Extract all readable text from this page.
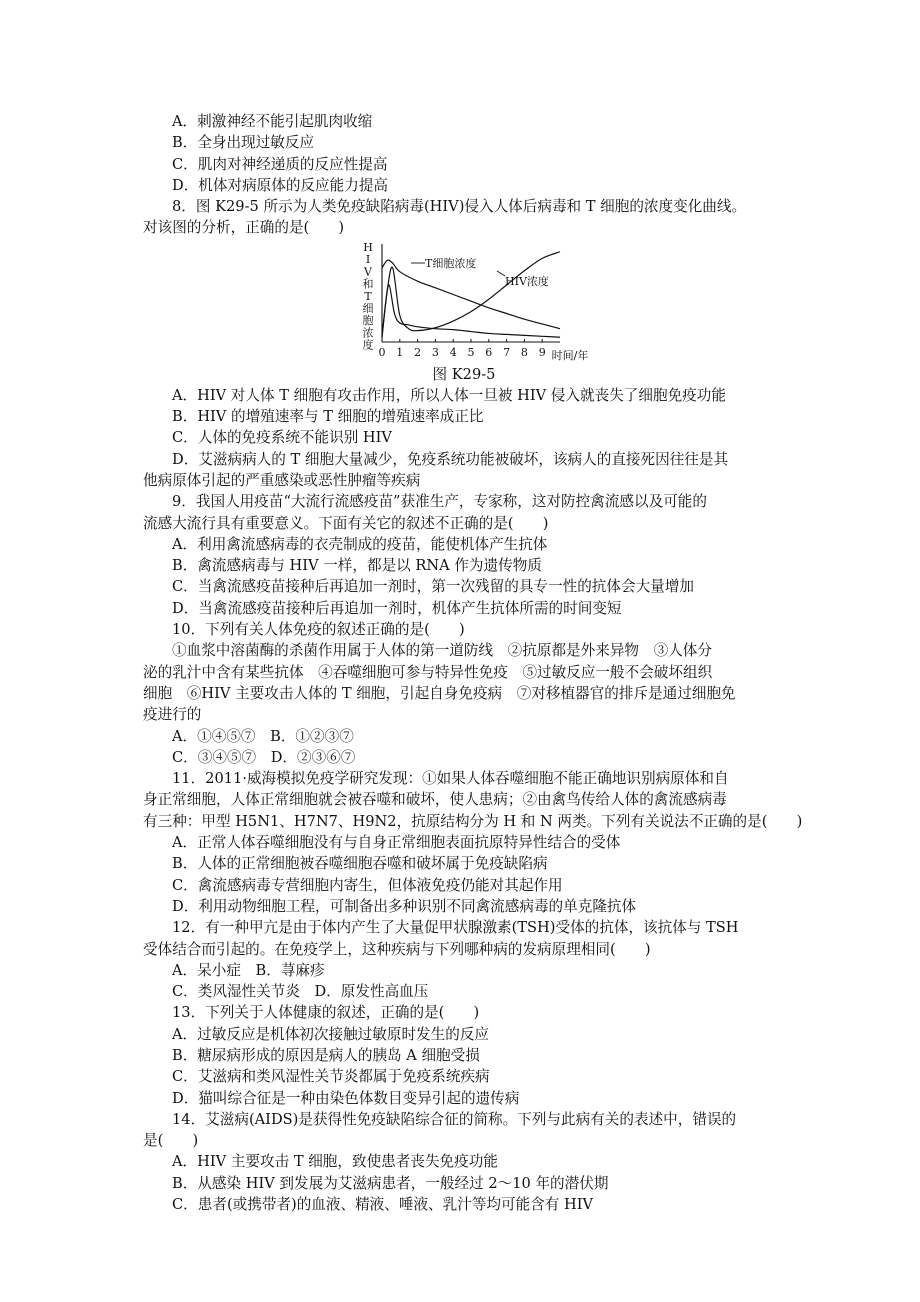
A．刺激神经不能引起肌肉收缩
B．全身出现过敏反应
C．肌肉对神经递质的反应性提高
D．机体对病原体的反应能力提高
8．图 K29-5 所示为人类免疫缺陷病毒(HIV)侵入人体后病毒和 T 细胞的浓度变化曲线。
对该图的分析，正确的是(　　)
H I V 和 T 细胞浓度
0 1 2 3 4 5 6 7 8 9
T细胞浓度
HIV浓度
时间/年
图 K29-5
A．HIV 对人体 T 细胞有攻击作用，所以人体一旦被 HIV 侵入就丧失了细胞免疫功能
B．HIV 的增殖速率与 T 细胞的增殖速率成正比
C．人体的免疫系统不能识别 HIV
D．艾滋病病人的 T 细胞大量减少，免疫系统功能被破坏，该病人的直接死因往往是其
他病原体引起的严重感染或恶性肿瘤等疾病
9．我国人用疫苗“大流行流感疫苗”获准生产，专家称，这对防控禽流感以及可能的
流感大流行具有重要意义。下面有关它的叙述不正确的是(　　)
A．利用禽流感病毒的衣壳制成的疫苗，能使机体产生抗体
B．禽流感病毒与 HIV 一样，都是以 RNA 作为遗传物质
C．当禽流感疫苗接种后再追加一剂时，第一次残留的具专一性的抗体会大量增加
D．当禽流感疫苗接种后再追加一剂时，机体产生抗体所需的时间变短
10．下列有关人体免疫的叙述正确的是(　　)
①血浆中溶菌酶的杀菌作用属于人体的第一道防线　②抗原都是外来异物　③人体分
泌的乳汁中含有某些抗体　④吞噬细胞可参与特异性免疫　⑤过敏反应一般不会破坏组织
细胞　⑥HIV 主要攻击人体的 T 细胞，引起自身免疫病　⑦对移植器官的排斥是通过细胞免
疫进行的
A．①④⑤⑦　B．①②③⑦
C．③④⑤⑦　D．②③⑥⑦
11．2011·威海模拟免疫学研究发现：①如果人体吞噬细胞不能正确地识别病原体和自
身正常细胞，人体正常细胞就会被吞噬和破坏，使人患病；②由禽鸟传给人体的禽流感病毒
有三种：甲型 H5N1、H7N7、H9N2，抗原结构分为 H 和 N 两类。下列有关说法不正确的是(　　)
A．正常人体吞噬细胞没有与自身正常细胞表面抗原特异性结合的受体
B．人体的正常细胞被吞噬细胞吞噬和破坏属于免疫缺陷病
C．禽流感病毒专营细胞内寄生，但体液免疫仍能对其起作用
D．利用动物细胞工程，可制备出多种识别不同禽流感病毒的单克隆抗体
12．有一种甲亢是由于体内产生了大量促甲状腺激素(TSH)受体的抗体，该抗体与 TSH
受体结合而引起的。在免疫学上，这种疾病与下列哪种病的发病原理相同(　　)
A．呆小症　B．荨麻疹
C．类风湿性关节炎　D．原发性高血压
13．下列关于人体健康的叙述，正确的是(　　)
A．过敏反应是机体初次接触过敏原时发生的反应
B．糖尿病形成的原因是病人的胰岛 A 细胞受损
C．艾滋病和类风湿性关节炎都属于免疫系统疾病
D．猫叫综合征是一种由染色体数目变异引起的遗传病
14．艾滋病(AIDS)是获得性免疫缺陷综合征的简称。下列与此病有关的表述中，错误的
是(　　)
A．HIV 主要攻击 T 细胞，致使患者丧失免疫功能
B．从感染 HIV 到发展为艾滋病患者，一般经过 2～10 年的潜伏期
C．患者(或携带者)的血液、精液、唾液、乳汁等均可能含有 HIV
